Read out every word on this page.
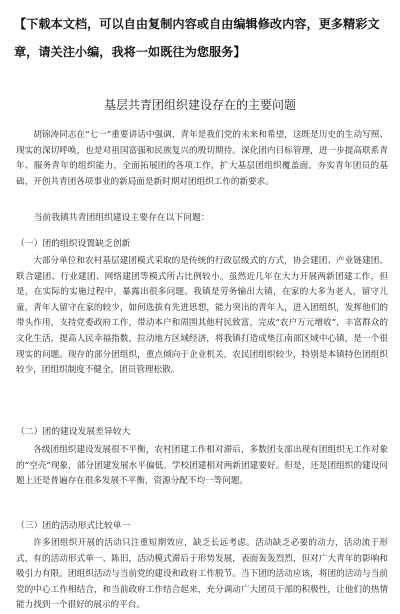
【下载本文档，可以自由复制内容或自由编辑修改内容，更多精彩文章，请关注小编，我将一如既往为您服务】
基层共青团组织建设存在的主要问题
胡锦涛同志在“七一”重要讲话中强调，青年是我们党的未来和希望，这既是历史的生动写照、现实的深切呼唤，也是对祖国富强和民族复兴的殷切期待。深化团内目标管理，进一步提高联系青年、服务青年的组织能力，全面拓展团的各项工作，扩大基层团组织覆盖面，夯实青年团员的基础，开创共青团各项事业的新局面是新时期对团组织工作的新要求。
当前我镇共青团组织建设主要存在以下问题：
（一）团的组织设置缺乏创新
大部分单位和农村基层建团模式采取的是传统的行政层级式的方式，协会建团、产业链建团、联合建团、行业建团、网络建团等模式所占比例较小。虽然近几年在大力开展两新团建工作，但是，在实际的实施过程中，暴露出很多问题。我镇是劳务输出大镇，在家的大多为老人，留守儿童，青年人留守在家的较少，如何选拔有先进思想，能力突出的青年人，进入团组织，发挥他们的带头作用，支持党委政府工作，带动本户和周围其他村民致富，完成“农户万元增收”，丰富群众的文化生活，提高人民幸福指数，拉动地方区域经济，将我镇打造成垫江南部区域中心镇，是一个很现实的问题。现存的部分团组织，重点倾向于企业机关，农民团组织较少，特别是本镇特色团组织较少，团组织制度不健全，团员管理松散。
（二）团的建设发展差异较大
各级团组织建设发展很不平衡，农村团建工作相对滞后，多数团支部出现有团组织无工作对象的“空壳”现象，部分团建发展水平偏低。学校团建相对两新团建要好。但是，还是团组织的建设问题上还是普遍存在很多发展不平衡，资源分配不均一等问题。
（三）团的活动形式比较单一
许多团组织开展的活动只注重短期效应，缺乏长远考虑。活动缺乏必要的动力，活动流于形式，有的活动形式单一、陈旧，活动模式滞后于形势发展，表面轰轰烈烈，但对广大青年的影响和吸引力有限。团组织活动与当前党的建设和政府工作脱节。当下团的活动应该，将团的活动与当前党的中心工作相结合，和当前政府工作结合起来，充分调动广大团员干部的积极性，让他们的热情能力找到一个很好的展示的平台。
